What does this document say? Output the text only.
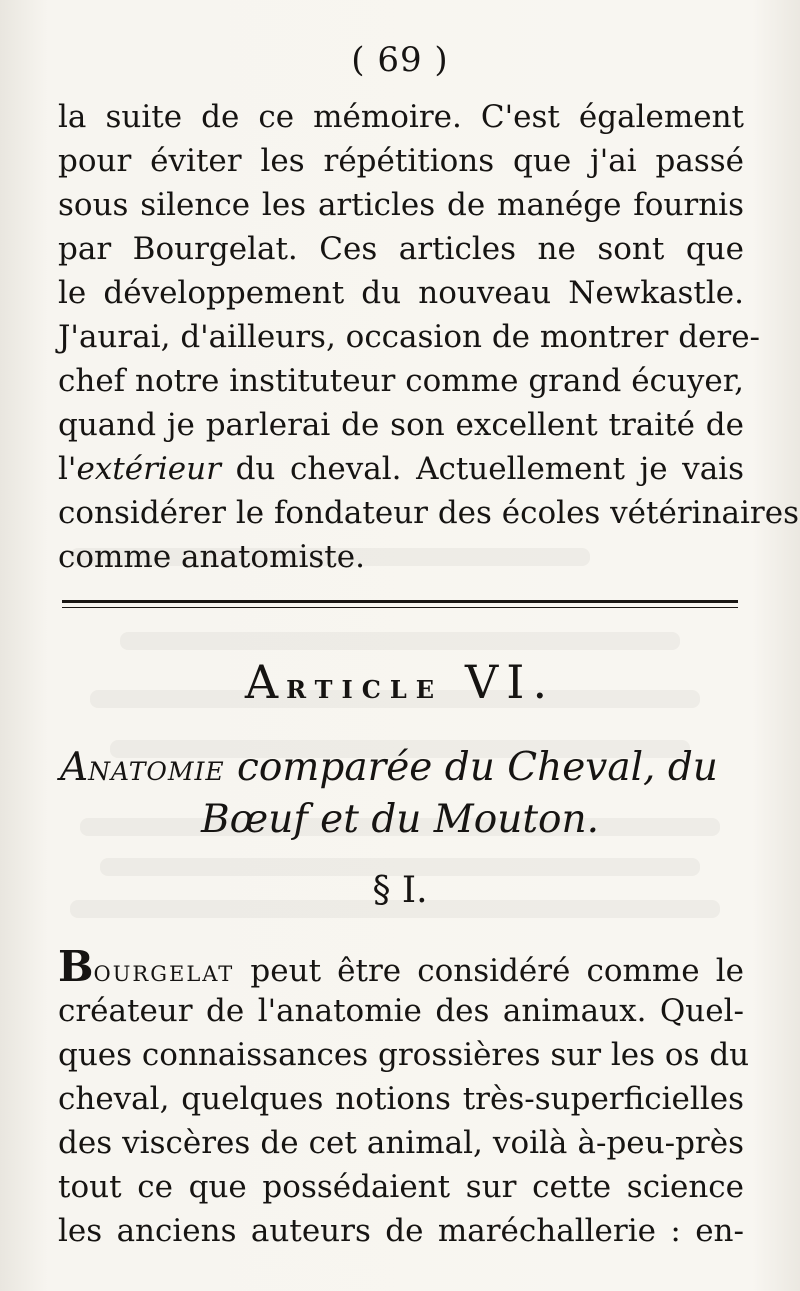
( 69 )
la suite de ce mémoire. C'est également
pour éviter les répétitions que j'ai passé
sous silence les articles de manége fournis
par Bourgelat. Ces articles ne sont que
le développement du nouveau Newkastle.
J'aurai, d'ailleurs, occasion de montrer dere-
chef notre instituteur comme grand écuyer,
quand je parlerai de son excellent traité de
l'extérieur du cheval. Actuellement je vais
considérer le fondateur des écoles vétérinaires
comme anatomiste.
ARTICLE VI.
ANATOMIE comparée du Cheval, du
Bœuf et du Mouton.
§ I.
BOURGELAT peut être considéré comme le
créateur de l'anatomie des animaux. Quel-
ques connaissances grossières sur les os du
cheval, quelques notions très-superficielles
des viscères de cet animal, voilà à-peu-près
tout ce que possédaient sur cette science
les anciens auteurs de maréchallerie : en-
